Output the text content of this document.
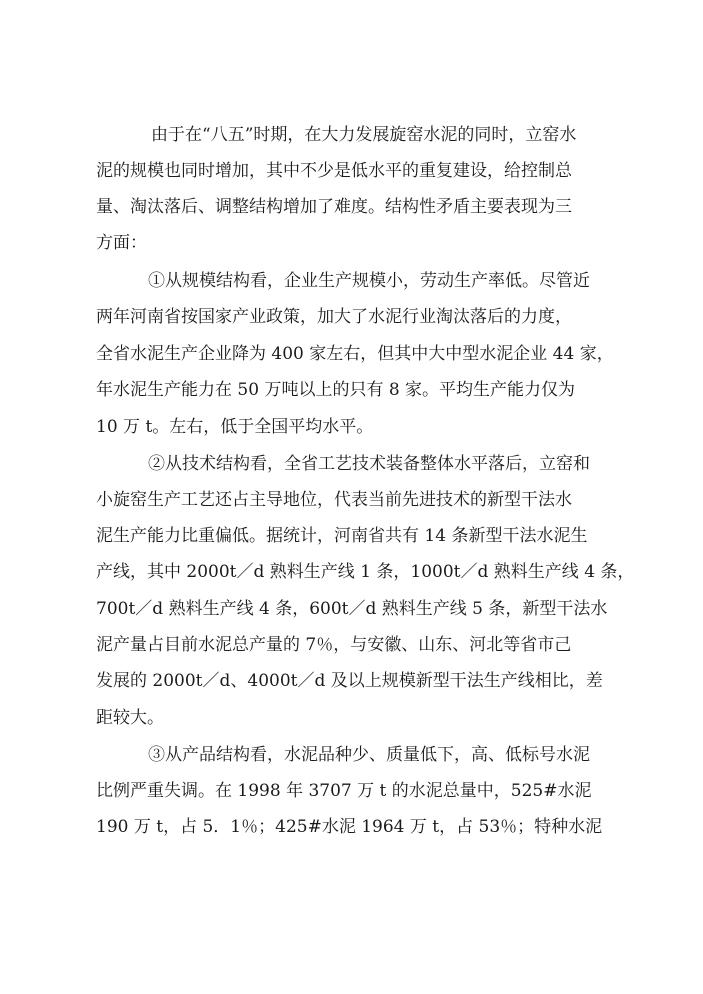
由于在“八五”时期，在大力发展旋窑水泥的同时，立窑水
泥的规模也同时增加，其中不少是低水平的重复建设，给控制总
量、淘汰落后、调整结构增加了难度。结构性矛盾主要表现为三
方面：
①从规模结构看，企业生产规模小，劳动生产率低。尽管近
两年河南省按国家产业政策，加大了水泥行业淘汰落后的力度，
全省水泥生产企业降为 400 家左右，但其中大中型水泥企业 44 家，
年水泥生产能力在 50 万吨以上的只有 8 家。平均生产能力仅为
10 万 t。左右，低于全国平均水平。
②从技术结构看，全省工艺技术装备整体水平落后，立窑和
小旋窑生产工艺还占主导地位，代表当前先进技术的新型干法水
泥生产能力比重偏低。据统计，河南省共有 14 条新型干法水泥生
产线，其中 2000t／d 熟料生产线 1 条，1000t／d 熟料生产线 4 条，
700t／d 熟料生产线 4 条，600t／d 熟料生产线 5 条，新型干法水
泥产量占目前水泥总产量的 7％，与安徽、山东、河北等省市己
发展的 2000t／d、4000t／d 及以上规模新型干法生产线相比，差
距较大。
③从产品结构看，水泥品种少、质量低下，高、低标号水泥
比例严重失调。在 1998 年 3707 万 t 的水泥总量中，525#水泥
190 万 t，占 5．1％；425#水泥 1964 万 t，占 53％；特种水泥
